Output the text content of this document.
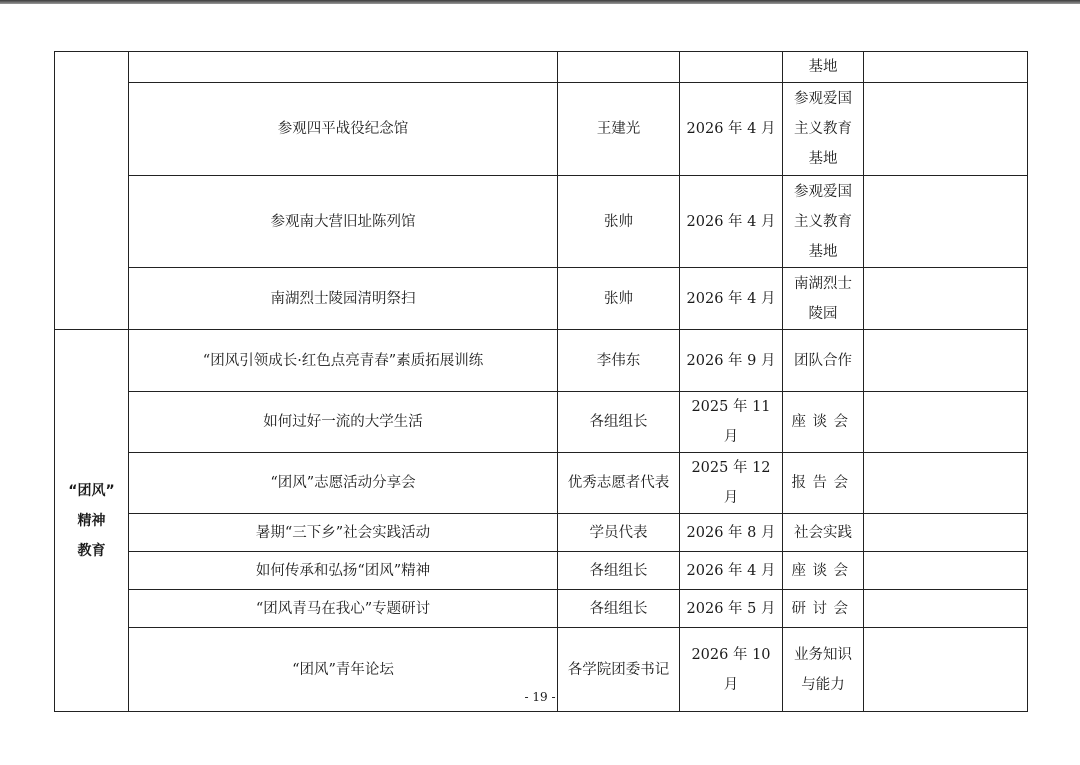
				基地	
	参观四平战役纪念馆	王建光	2026 年 4 月	参观爱国主义教育基地	
	参观南大营旧址陈列馆	张帅	2026 年 4 月	参观爱国主义教育基地	
	南湖烈士陵园清明祭扫	张帅	2026 年 4 月	南湖烈士陵园	

“团风”
精神
教育	“团风引领成长·红色点亮青春”素质拓展训练	李伟东	2026 年 9 月	团队合作	
	如何过好一流的大学生活	各组组长	2025 年 11 月	座谈会	
	“团风”志愿活动分享会	优秀志愿者代表	2025 年 12 月	报告会	
	暑期“三下乡”社会实践活动	学员代表	2026 年 8 月	社会实践	
	如何传承和弘扬“团风”精神	各组组长	2026 年 4 月	座谈会	
	“团风青马在我心”专题研讨	各组组长	2026 年 5 月	研讨会	
	“团风”青年论坛	各学院团委书记	2026 年 10 月	业务知识与能力	
- 19 -
